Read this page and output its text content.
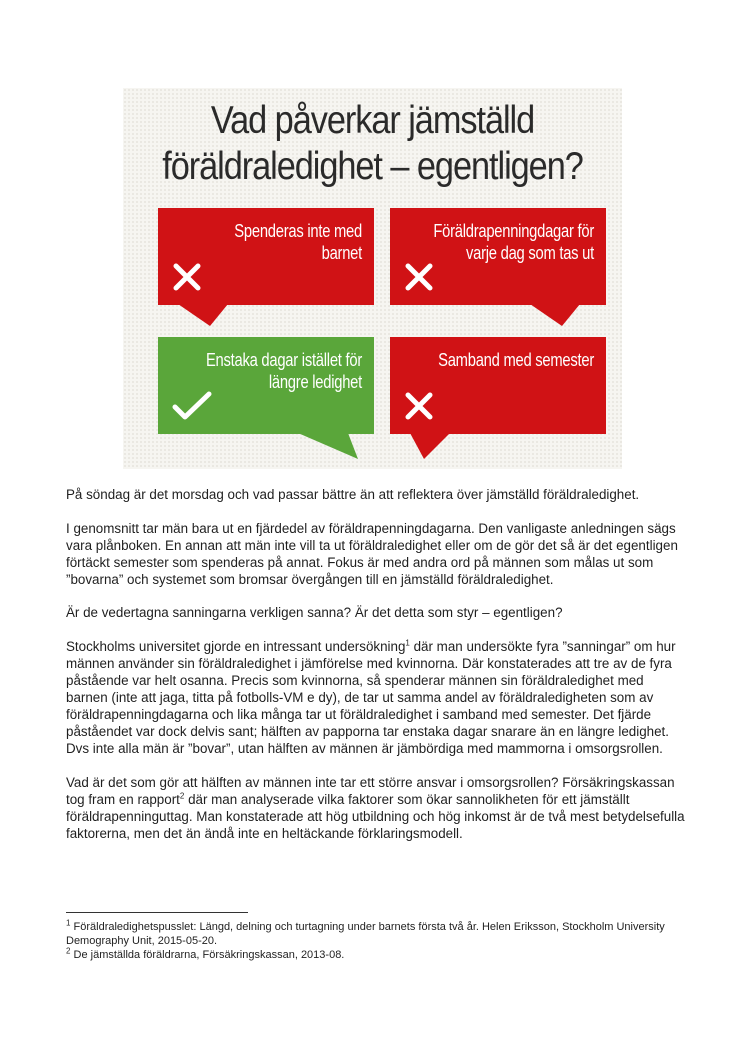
Vad påverkar jämställd
föräldraledighet – egentligen?
Spenderas inte med barnet
Föräldrapenningdagar för varje dag som tas ut
Enstaka dagar istället för längre ledighet
Samband med semester

På söndag är det morsdag och vad passar bättre än att reflektera över jämställd föräldraledighet.

I genomsnitt tar män bara ut en fjärdedel av föräldrapenningdagarna. Den vanligaste anledningen sägs vara plånboken. En annan att män inte vill ta ut föräldraledighet eller om de gör det så är det egentligen förtäckt semester som spenderas på annat. Fokus är med andra ord på männen som målas ut som ”bovarna” och systemet som bromsar övergången till en jämställd föräldraledighet.

Är de vedertagna sanningarna verkligen sanna? Är det detta som styr – egentligen?

Stockholms universitet gjorde en intressant undersökning$^1$ där man undersökte fyra ”sanningar” om hur männen använder sin föräldraledighet i jämförelse med kvinnorna. Där konstaterades att tre av de fyra påstående var helt osanna. Precis som kvinnorna, så spenderar männen sin föräldraledighet med barnen (inte att jaga, titta på fotbolls-VM e dy), de tar ut samma andel av föräldraledigheten som av föräldrapenningdagarna och lika många tar ut föräldraledighet i samband med semester. Det fjärde påståendet var dock delvis sant; hälften av papporna tar enstaka dagar snarare än en längre ledighet. Dvs inte alla män är ”bovar”, utan hälften av männen är jämbördiga med mammorna i omsorgsrollen.

Vad är det som gör att hälften av männen inte tar ett större ansvar i omsorgsrollen? Försäkringskassan tog fram en rapport$^2$ där man analyserade vilka faktorer som ökar sannolikheten för ett jämställt föräldrapenninguttag. Man konstaterade att hög utbildning och hög inkomst är de två mest betydelsefulla faktorerna, men det än ändå inte en heltäckande förklaringsmodell.

$^1$ Föräldraledighetspusslet: Längd, delning och turtagning under barnets första två år. Helen Eriksson, Stockholm University Demography Unit, 2015-05-20.

$^2$ De jämställda föräldrarna, Försäkringskassan, 2013-08.
